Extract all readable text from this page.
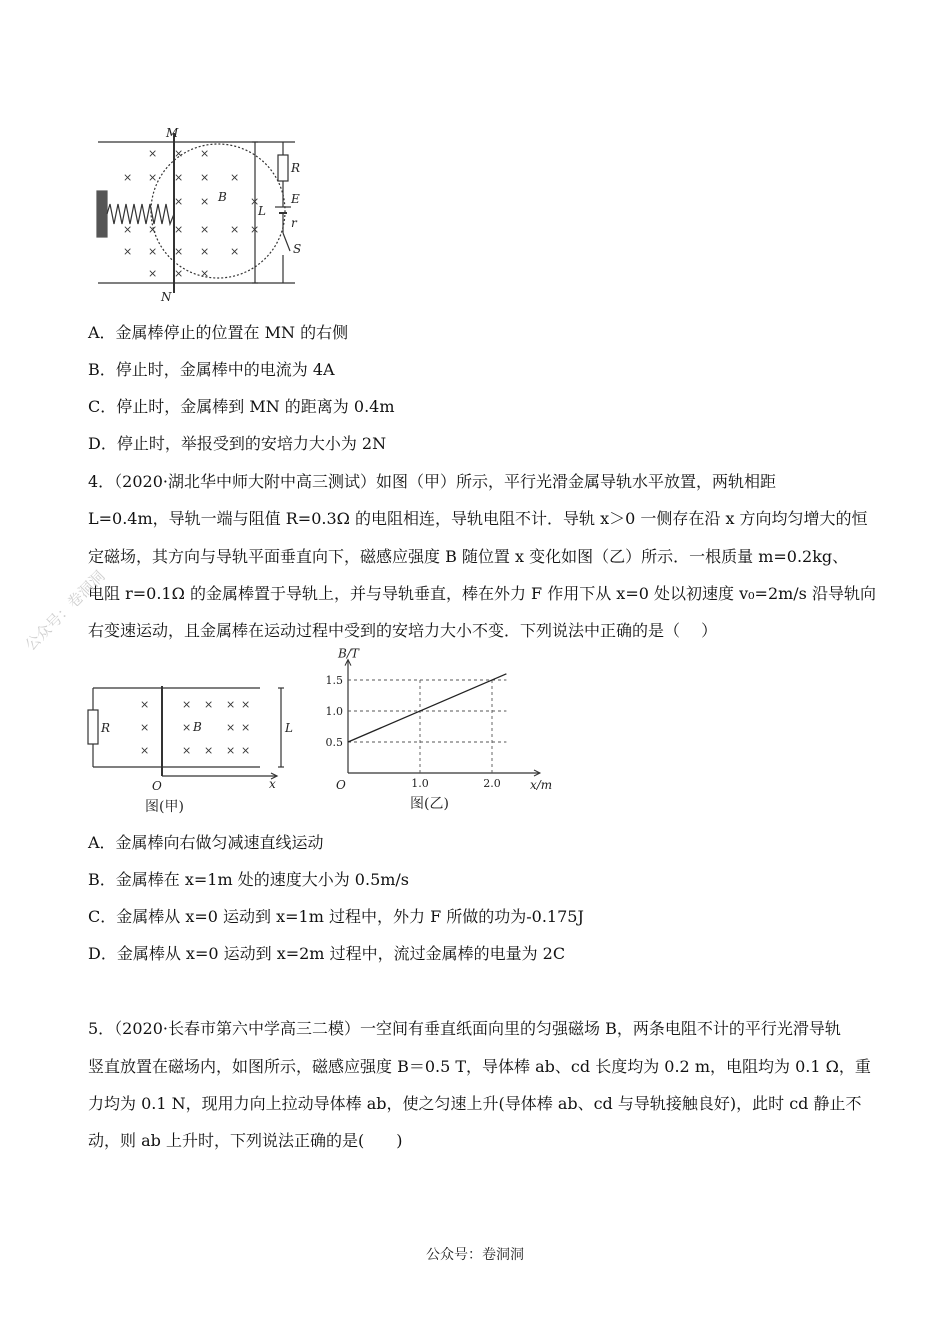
× × ×
× × × × ×
× ×	×
× × × × × ×
× × × × ×
× × ×
M
N
B
L
R
E
r
S
A．金属棒停止的位置在 MN 的右侧
B．停止时，金属棒中的电流为 4A
C．停止时，金属棒到 MN 的距离为 0.4m
D．停止时，举报受到的安培力大小为 2N
4．（2020·湖北华中师大附中高三测试）如图（甲）所示，平行光滑金属导轨水平放置，两轨相距
L=0.4m，导轨一端与阻值 R=0.3Ω 的电阻相连，导轨电阻不计．导轨 x＞0 一侧存在沿 x 方向均匀增大的恒
定磁场，其方向与导轨平面垂直向下，磁感应强度 B 随位置 x 变化如图（乙）所示．一根质量 m=0.2kg、
电阻 r=0.1Ω 的金属棒置于导轨上，并与导轨垂直，棒在外力 F 作用下从 x=0 处以初速度 v₀=2m/s 沿导轨向
右变速运动，且金属棒在运动过程中受到的安培力大小不变．下列说法中正确的是（　 ）
×	× × × ×
×	×	× ×
×	× × × ×
R	B	L
O	x
图(甲)
0.5
1.0
1.5
1.0	2.0
O
B/T
x/m
图(乙)
A．金属棒向右做匀减速直线运动
B．金属棒在 x=1m 处的速度大小为 0.5m/s
C．金属棒从 x=0 运动到 x=1m 过程中，外力 F 所做的功为-0.175J
D．金属棒从 x=0 运动到 x=2m 过程中，流过金属棒的电量为 2C
5．（2020·长春市第六中学高三二模）一空间有垂直纸面向里的匀强磁场 B，两条电阻不计的平行光滑导轨
竖直放置在磁场内，如图所示，磁感应强度 B＝0.5 T，导体棒 ab、cd 长度均为 0.2 m，电阻均为 0.1 Ω，重
力均为 0.1 N，现用力向上拉动导体棒 ab，使之匀速上升(导体棒 ab、cd 与导轨接触良好)，此时 cd 静止不
动，则 ab 上升时，下列说法正确的是(　　)
公众号：卷洞洞
公众号：卷洞洞
